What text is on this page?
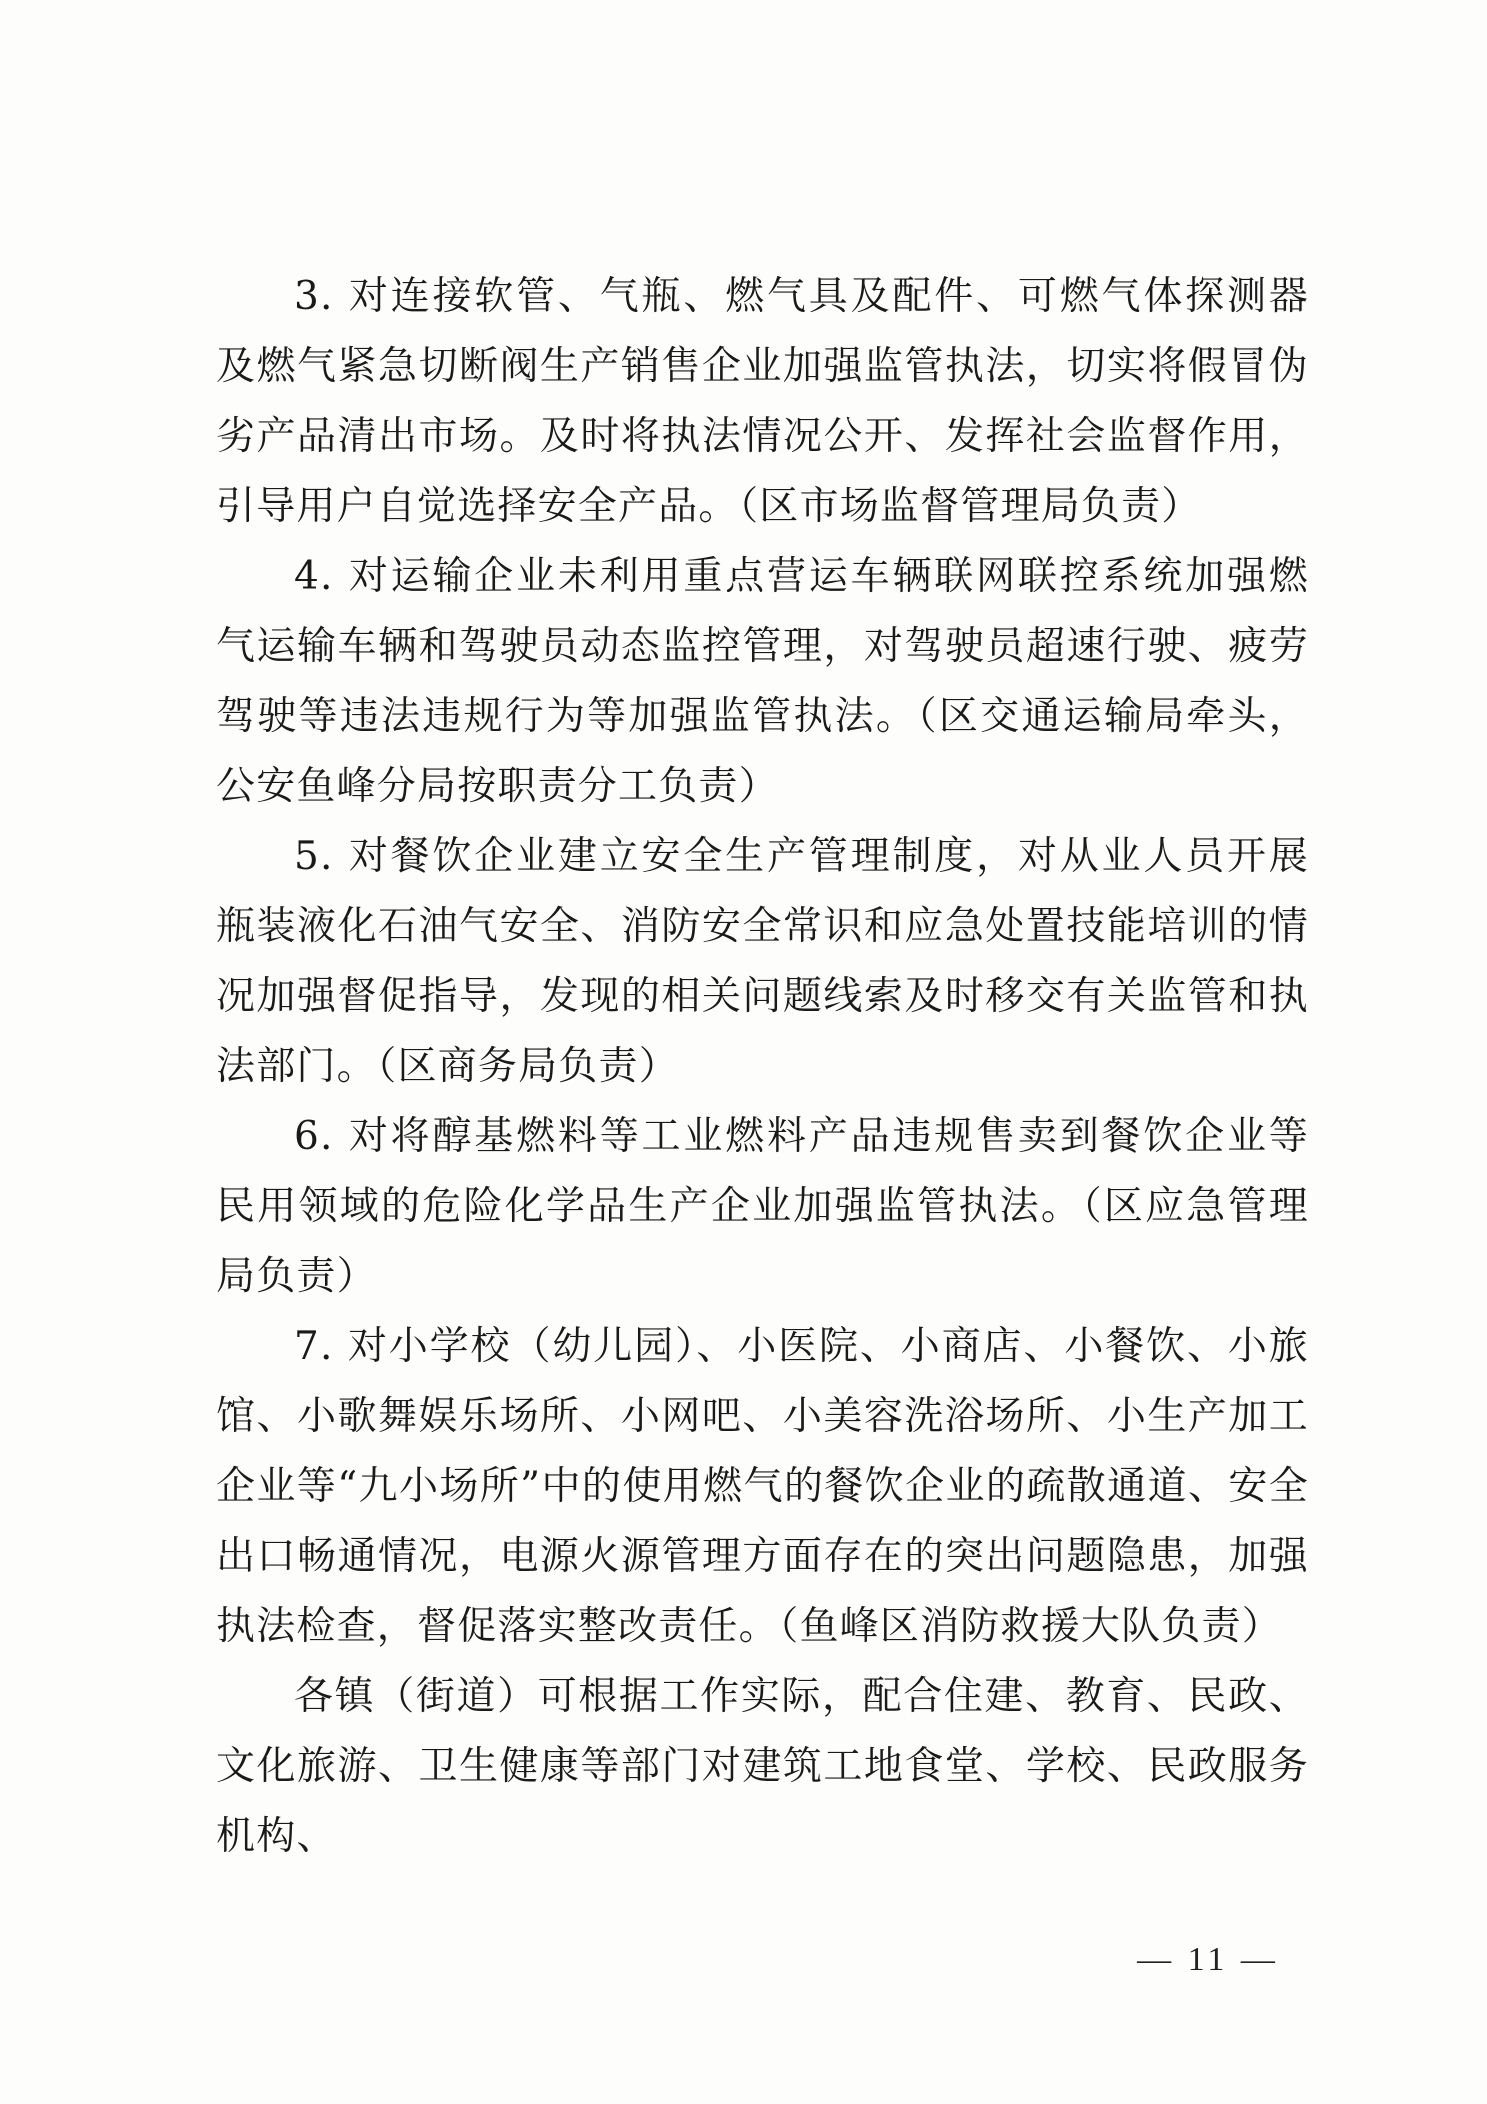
3. 对连接软管、气瓶、燃气具及配件、可燃气体探测器及燃气紧急切断阀生产销售企业加强监管执法，切实将假冒伪劣产品清出市场。及时将执法情况公开、发挥社会监督作用，引导用户自觉选择安全产品。（区市场监督管理局负责）

4. 对运输企业未利用重点营运车辆联网联控系统加强燃气运输车辆和驾驶员动态监控管理，对驾驶员超速行驶、疲劳驾驶等违法违规行为等加强监管执法。（区交通运输局牵头，公安鱼峰分局按职责分工负责）

5. 对餐饮企业建立安全生产管理制度，对从业人员开展瓶装液化石油气安全、消防安全常识和应急处置技能培训的情况加强督促指导，发现的相关问题线索及时移交有关监管和执法部门。（区商务局负责）

6. 对将醇基燃料等工业燃料产品违规售卖到餐饮企业等民用领域的危险化学品生产企业加强监管执法。（区应急管理局负责）

7. 对小学校（幼儿园）、小医院、小商店、小餐饮、小旅馆、小歌舞娱乐场所、小网吧、小美容洗浴场所、小生产加工企业等“九小场所”中的使用燃气的餐饮企业的疏散通道、安全出口畅通情况，电源火源管理方面存在的突出问题隐患，加强执法检查，督促落实整改责任。（鱼峰区消防救援大队负责）

各镇（街道）可根据工作实际，配合住建、教育、民政、文化旅游、卫生健康等部门对建筑工地食堂、学校、民政服务机构、

— 11 —
